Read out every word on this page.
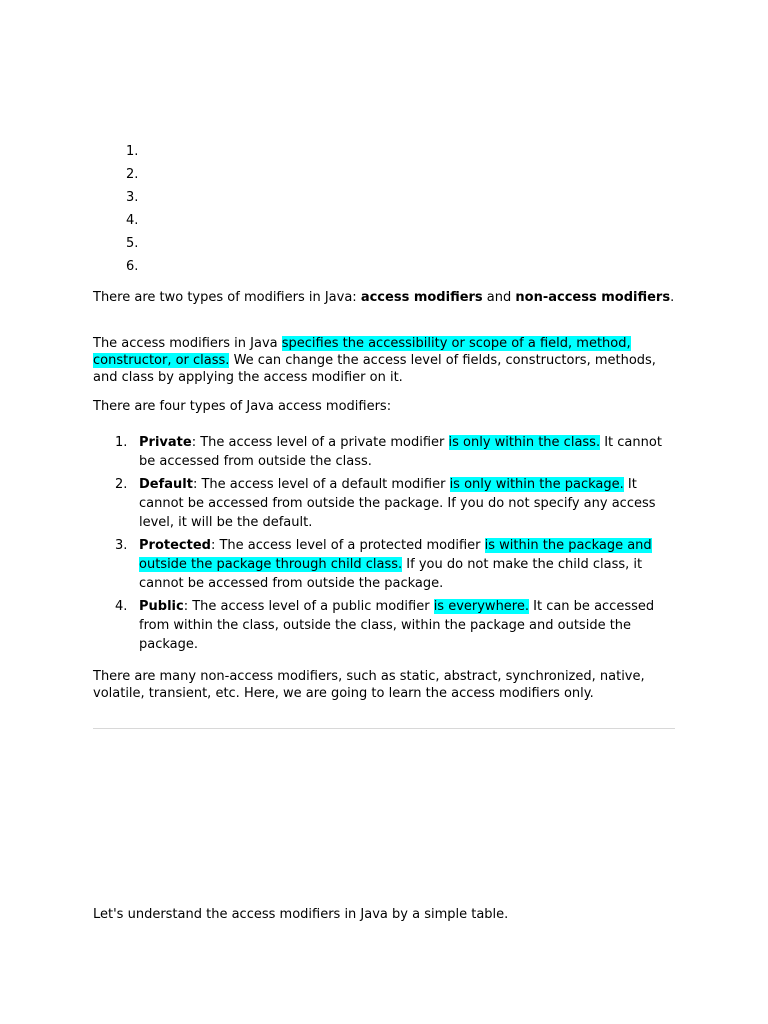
1.
2.
3.
4.
5.
6.

There are two types of modifiers in Java: access modifiers and non-access modifiers.

The access modifiers in Java specifies the accessibility or scope of a field, method, constructor, or class. We can change the access level of fields, constructors, methods, and class by applying the access modifier on it.

There are four types of Java access modifiers:

1. Private: The access level of a private modifier is only within the class. It cannot be accessed from outside the class.
2. Default: The access level of a default modifier is only within the package. It cannot be accessed from outside the package. If you do not specify any access level, it will be the default.
3. Protected: The access level of a protected modifier is within the package and outside the package through child class. If you do not make the child class, it cannot be accessed from outside the package.
4. Public: The access level of a public modifier is everywhere. It can be accessed from within the class, outside the class, within the package and outside the package.

There are many non-access modifiers, such as static, abstract, synchronized, native, volatile, transient, etc. Here, we are going to learn the access modifiers only.

Let's understand the access modifiers in Java by a simple table.
